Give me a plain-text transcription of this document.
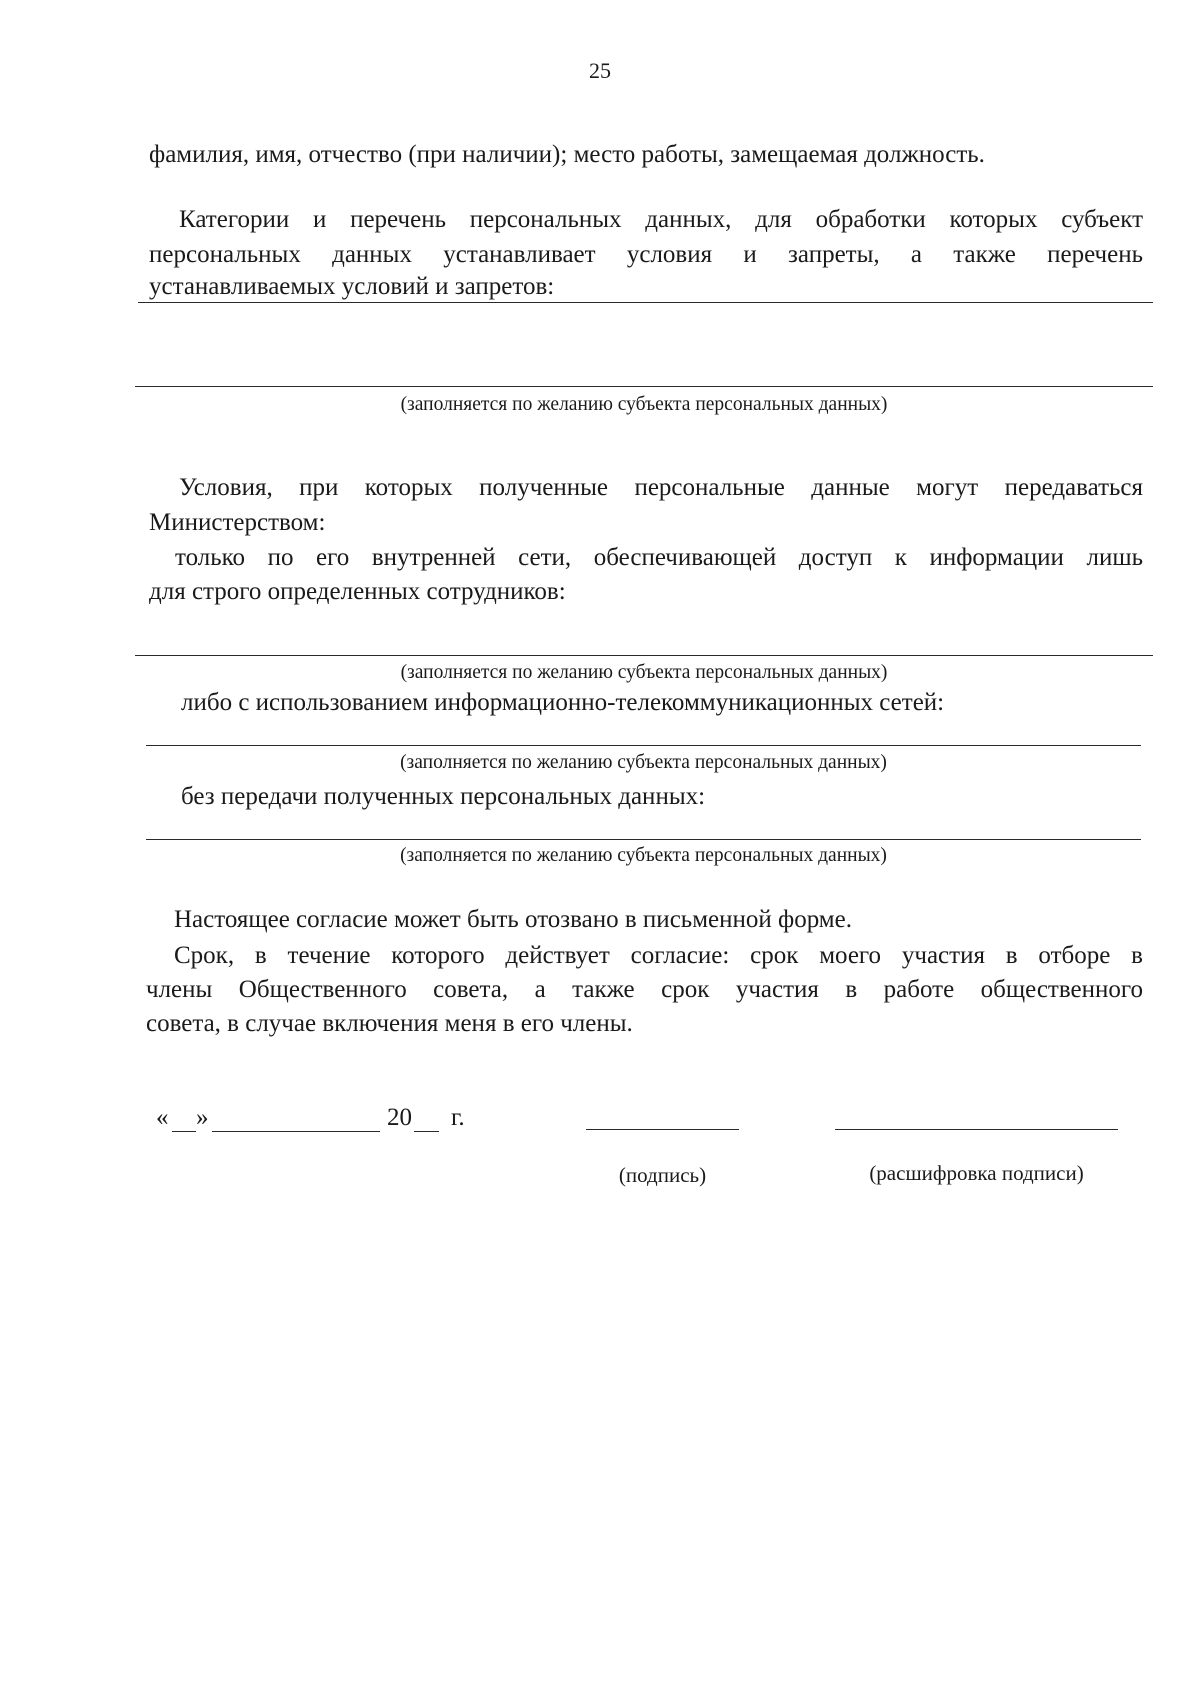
25
фамилия, имя, отчество (при наличии); место работы, замещаемая должность.
Категории и перечень персональных данных, для обработки которых субъект
персональных данных устанавливает условия и запреты, а также перечень
устанавливаемых условий и запретов:
(заполняется по желанию субъекта персональных данных)
Условия, при которых полученные персональные данные могут передаваться
Министерством:
только по его внутренней сети, обеспечивающей доступ к информации лишь
для строго определенных сотрудников:
(заполняется по желанию субъекта персональных данных)
либо с использованием информационно-телекоммуникационных сетей:
(заполняется по желанию субъекта персональных данных)
без передачи полученных персональных данных:
(заполняется по желанию субъекта персональных данных)
Настоящее согласие может быть отозвано в письменной форме.
Срок, в течение которого действует согласие: срок моего участия в отборе в
члены Общественного совета, а также срок участия в работе общественного
совета, в случае включения меня в его члены.
« »	20 г.
(подпись)	(расшифровка подписи)
